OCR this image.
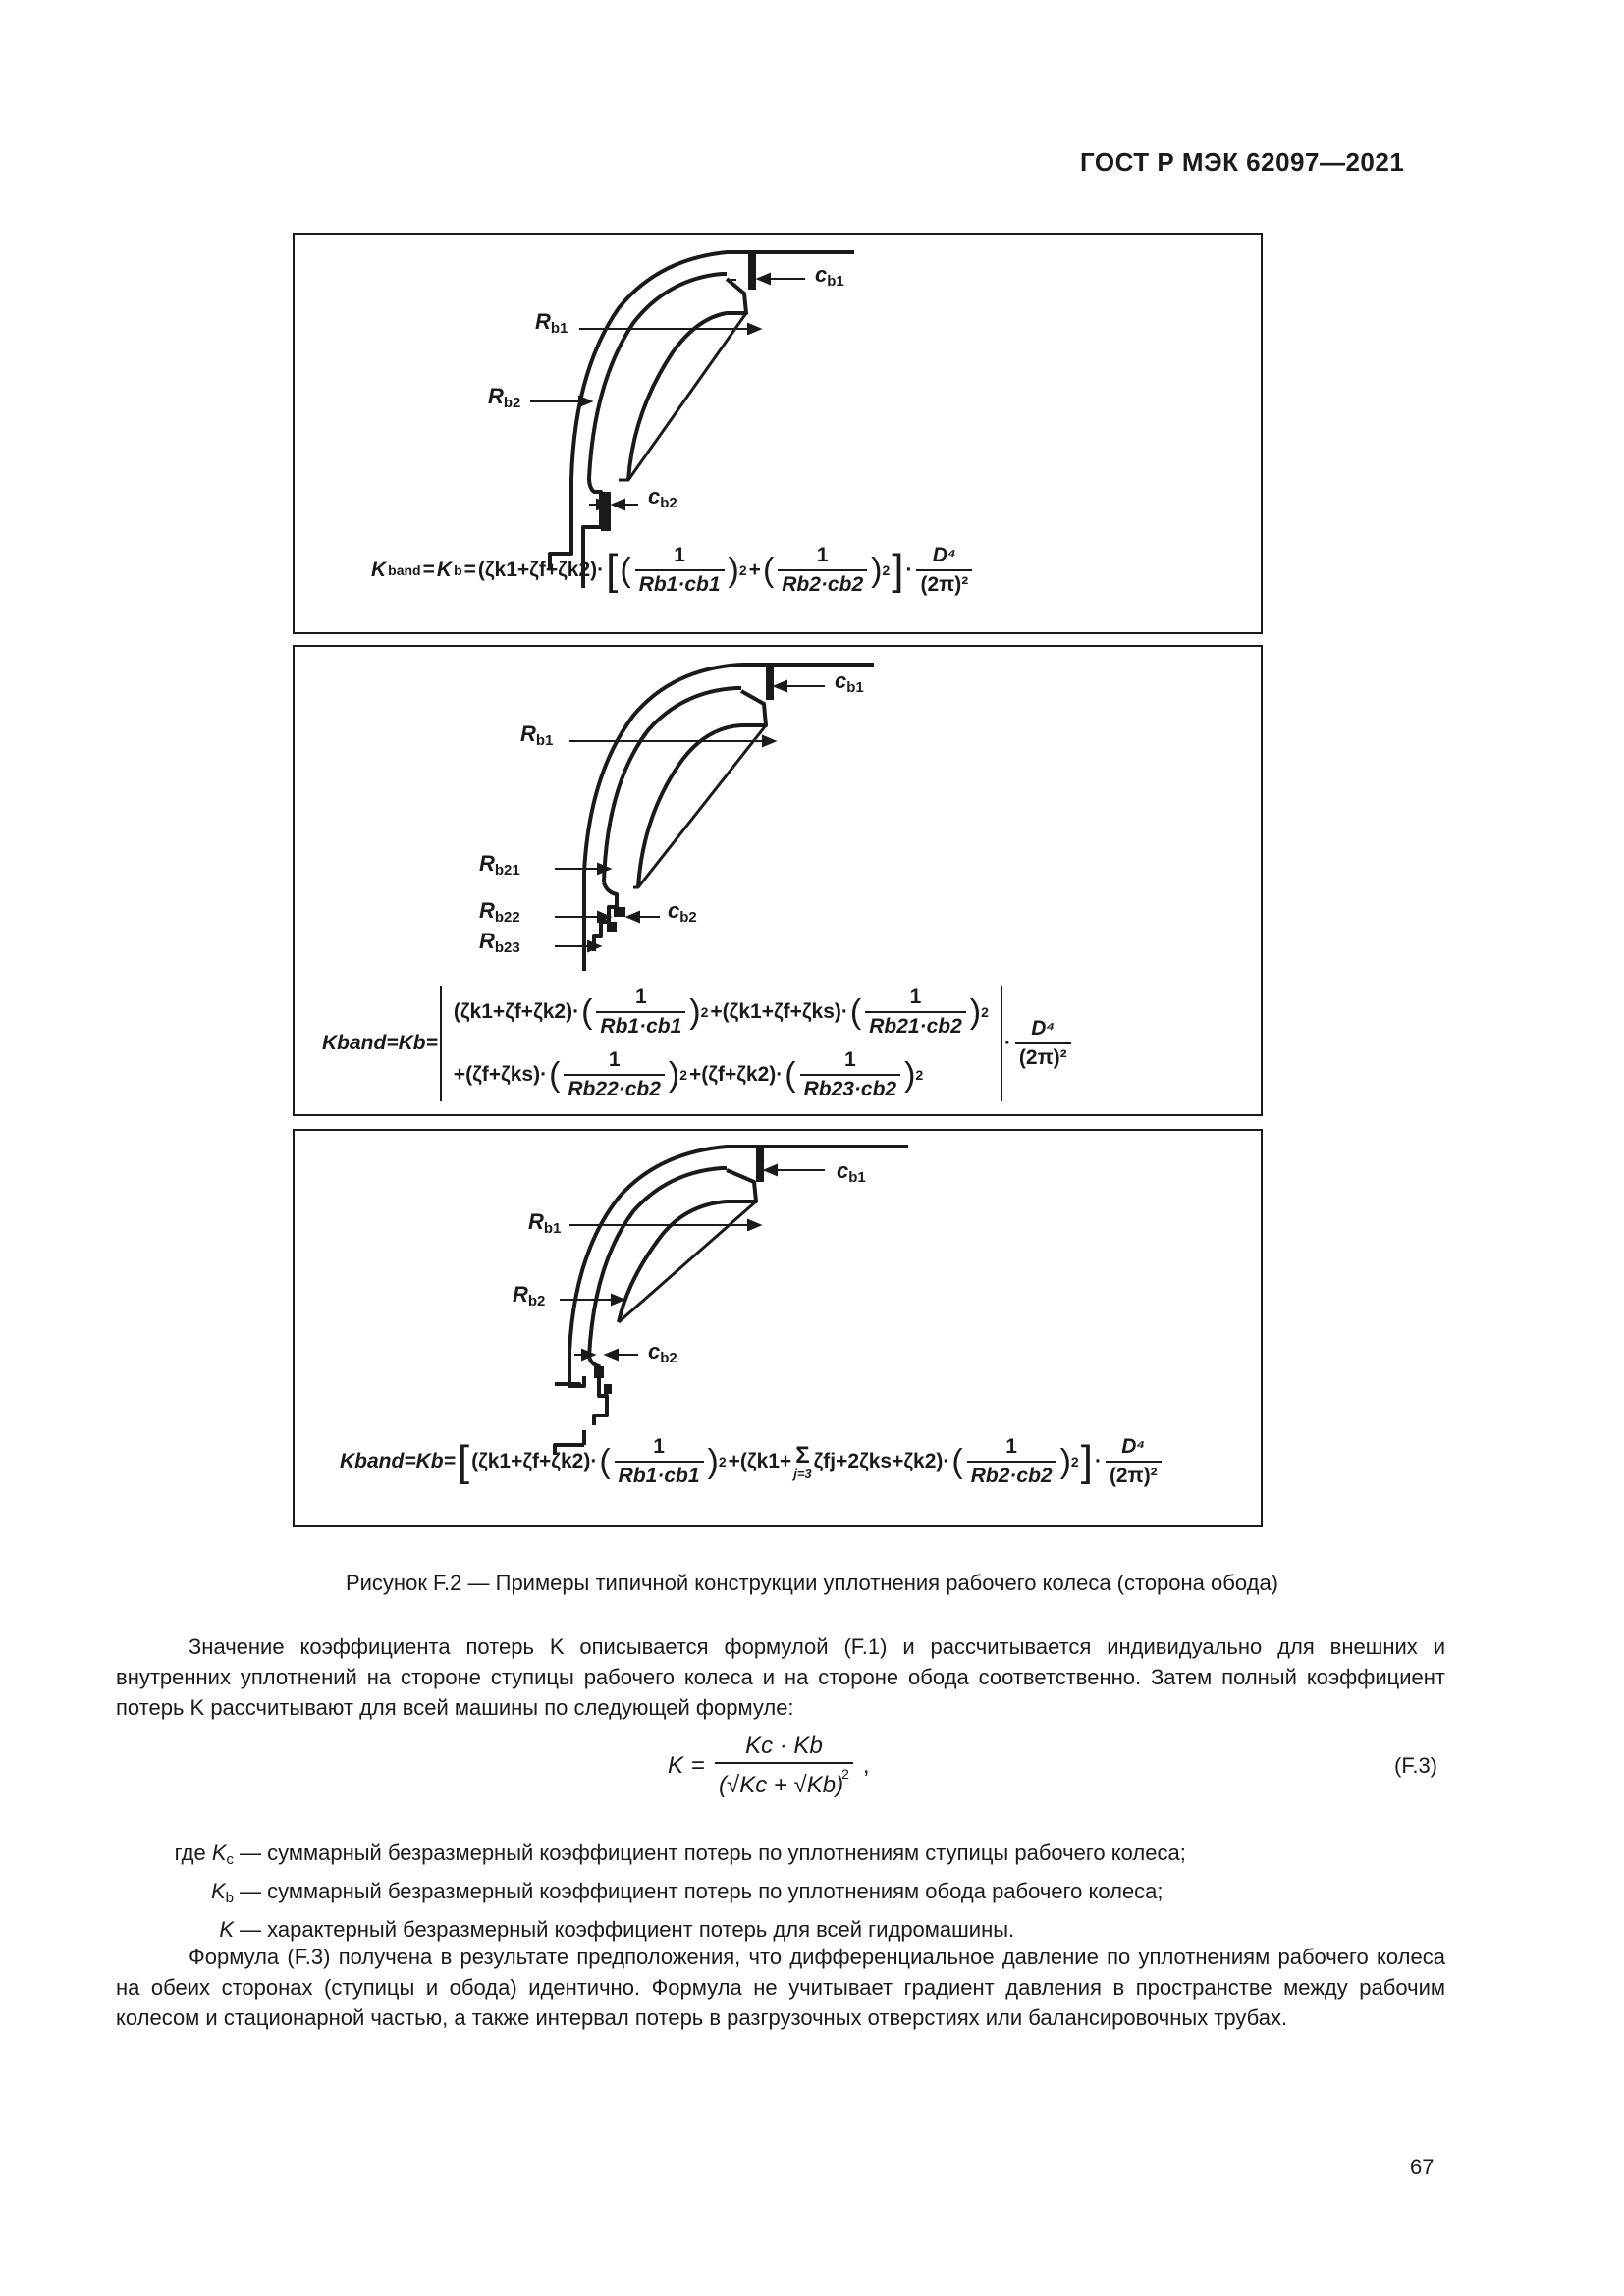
ГОСТ Р МЭК 62097—2021
$c_{b1}$
$R_{b1}$
$R_{b2}$
$c_{b2}$
K band = K b = (ζk1+ζf+ζk2)· [ ( $\frac{1}{Rb1\cdot cb1}$ ) 2 + ( $\frac{1}{Rb2\cdot cb2}$ ) 2 ] · $\frac{\text{D⁴}}{\text{(2π)²}}$
$c_{b1}$
$R_{b1}$
$R_{b21}$
$R_{b22}$	$c_{b2}$
$R_{b23}$
Kband=Kb=
(ζk1+ζf+ζk2)· ( $\frac{1}{Rb1\cdot cb1}$ ) 2 +(ζk1+ζf+ζks)· ( $\frac{1}{Rb21\cdot cb2}$ ) 2
+(ζf+ζks)· ( $\frac{1}{Rb22\cdot cb2}$ ) 2 +(ζf+ζk2)· ( $\frac{1}{Rb23\cdot cb2}$ ) 2
· $\frac{\text{D⁴}}{\text{(2π)²}}$
$c_{b1}$
$R_{b1}$
$R_{b2}$
$c_{b2}$
Kband=Kb= [ (ζk1+ζf+ζk2)· ( $\frac{1}{Rb1\cdot cb1}$ ) 2 +(ζk1+ Σ
j=3
ζfj+2ζks+ζk2)· ( $\frac{1}{Rb2\cdot cb2}$ ) 2 ] · $\frac{\text{D⁴}}{\text{(2π)²}}$
Рисунок F.2 — Примеры типичной конструкции уплотнения рабочего колеса (сторона обода)
Значение коэффициента потерь K описывается формулой (F.1) и рассчитывается индивидуально для внешних и внутренних уплотнений на стороне ступицы рабочего колеса и на стороне обода соответственно. Затем полный коэффициент потерь K рассчитывают для всей машины по следующей формуле:
$K = \frac{Kc \cdot Kb}{(√Kc + √Kb)^2}$ ,	(F.3)
где $K_c$ — суммарный безразмерный коэффициент потерь по уплотнениям ступицы рабочего колеса;
$K_b$ — суммарный безразмерный коэффициент потерь по уплотнениям обода рабочего колеса;
K — характерный безразмерный коэффициент потерь для всей гидромашины.
Формула (F.3) получена в результате предположения, что дифференциальное давление по уплотнениям рабочего колеса на обеих сторонах (ступицы и обода) идентично. Формула не учитывает градиент давления в пространстве между рабочим колесом и стационарной частью, а также интервал потерь в разгрузочных отверстиях или балансировочных трубах.
67
